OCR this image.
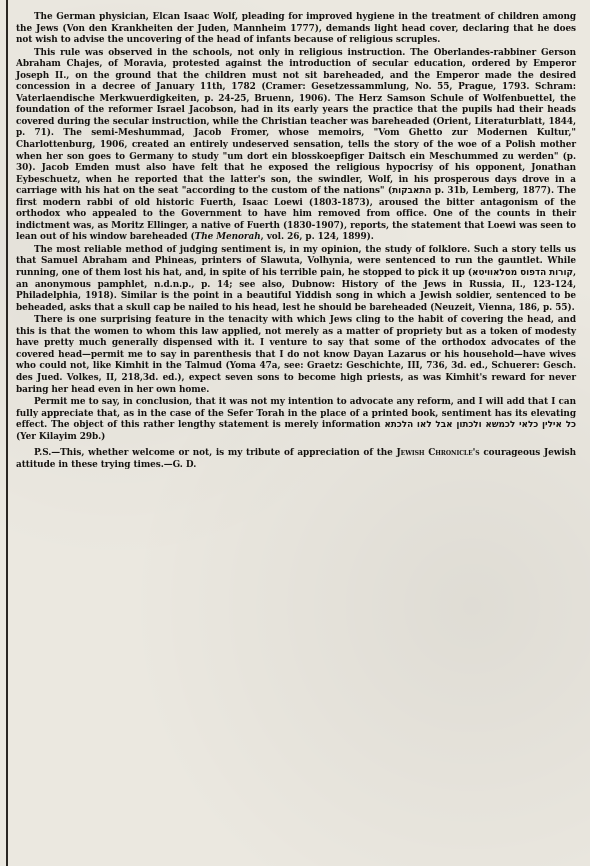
The German physician, Elcan Isaac Wolf, pleading for improved hygiene in the treatment of children among the Jews (Von den Krankheiten der Juden, Mannheim 1777), demands light head cover, declaring that he does not wish to advise the uncovering of the head of infants because of religious scruples.

This rule was observed in the schools, not only in religious instruction. The Oberlandes-rabbiner Gerson Abraham Chajes, of Moravia, protested against the introduction of secular education, ordered by Emperor Joseph II., on the ground that the children must not sit bareheaded, and the Emperor made the desired concession in a decree of January 11th, 1782 (Cramer: Gesetzessammlung, No. 55, Prague, 1793. Schram: Vaterlaendische Merkwuerdigkeiten, p. 24-25, Bruenn, 1906). The Herz Samson Schule of Wolfenbuettel, the foundation of the reformer Israel Jacobson, had in its early years the practice that the pupils had their heads covered during the secular instruction, while the Christian teacher was bareheaded (Orient, Literaturblatt, 1844, p. 71). The semi-Meshummad, Jacob Fromer, whose memoirs, "Vom Ghetto zur Modernen Kultur," Charlottenburg, 1906, created an entirely undeserved sensation, tells the story of the woe of a Polish mother when her son goes to Germany to study "um dort ein blosskoepfiger Daitsch ein Meschummed zu werden" (p. 30). Jacob Emden must also have felt that he exposed the religious hypocrisy of his opponent, Jonathan Eybeschuetz, when he reported that the latter's son, the swindler, Wolf, in his prosperous days drove in a carriage with his hat on the seat "according to the custom of the nations" (התאבקות p. 31b, Lemberg, 1877). The first modern rabbi of old historic Fuerth, Isaac Loewi (1803-1873), aroused the bitter antagonism of the orthodox who appealed to the Government to have him removed from office. One of the counts in their indictment was, as Moritz Ellinger, a native of Fuerth (1830-1907), reports, the statement that Loewi was seen to lean out of his window bareheaded (The Menorah, vol. 26, p. 124, 1899).

The most reliable method of judging sentiment is, in my opinion, the study of folklore. Such a story tells us that Samuel Abraham and Phineas, printers of Slawuta, Volhynia, were sentenced to run the gauntlet. While running, one of them lost his hat, and, in spite of his terrible pain, he stopped to pick it up (קורות הדפוס מסלאוויטא, an anonymous pamphlet, n.d.n.p., p. 14; see also, Dubnow: History of the Jews in Russia, II., 123-124, Philadelphia, 1918). Similar is the point in a beautiful Yiddish song in which a Jewish soldier, sentenced to be beheaded, asks that a skull cap be nailed to his head, lest he should be bareheaded (Neuzeit, Vienna, 186, p. 55).

There is one surprising feature in the tenacity with which Jews cling to the habit of covering the head, and this is that the women to whom this law applied, not merely as a matter of propriety but as a token of modesty have pretty much generally dispensed with it. I venture to say that some of the orthodox advocates of the covered head—permit me to say in parenthesis that I do not know Dayan Lazarus or his household—have wives who could not, like Kimhit in the Talmud (Yoma 47a, see: Graetz: Geschichte, III, 736, 3d. ed., Schuerer: Gesch. des Jued. Volkes, II, 218,3d. ed.), expect seven sons to become high priests, as was Kimhit's reward for never baring her head even in her own home.

Permit me to say, in conclusion, that it was not my intention to advocate any reform, and I will add that I can fully appreciate that, as in the case of the Sefer Torah in the place of a printed book, sentiment has its elevating effect. The object of this rather lengthy statement is merely information כל אילין כלאי לכמשא ולכתון אבל לאו הלכתא (Yer Kilayim 29b.)

P.S.—This, whether welcome or not, is my tribute of appreciation of the Jewish Chronicle's courageous Jewish attitude in these trying times.—G. D.
